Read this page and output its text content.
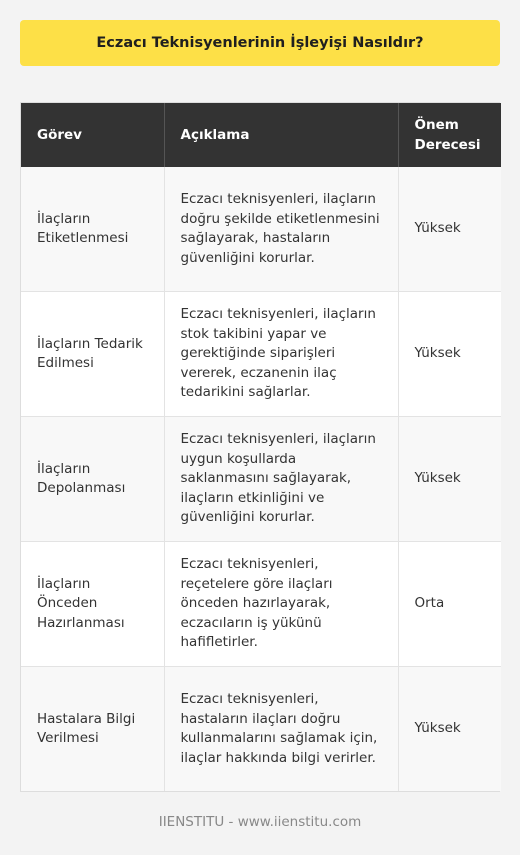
Eczacı Teknisyenlerinin İşleyişi Nasıldır?
Görev	Açıklama	Önem Derecesi
İlaçların Etiketlenmesi	Eczacı teknisyenleri, ilaçların doğru şekilde etiketlenmesini sağlayarak, hastaların güvenliğini korurlar.	Yüksek
İlaçların Tedarik Edilmesi	Eczacı teknisyenleri, ilaçların stok takibini yapar ve gerektiğinde siparişleri vererek, eczanenin ilaç tedarikini sağlarlar.	Yüksek
İlaçların Depolanması	Eczacı teknisyenleri, ilaçların uygun koşullarda saklanmasını sağlayarak, ilaçların etkinliğini ve güvenliğini korurlar.	Yüksek
İlaçların Önceden Hazırlanması	Eczacı teknisyenleri, reçetelere göre ilaçları önceden hazırlayarak, eczacıların iş yükünü hafifletirler.	Orta
Hastalara Bilgi Verilmesi	Eczacı teknisyenleri, hastaların ilaçları doğru kullanmalarını sağlamak için, ilaçlar hakkında bilgi verirler.	Yüksek
IIENSTITU - www.iienstitu.com
